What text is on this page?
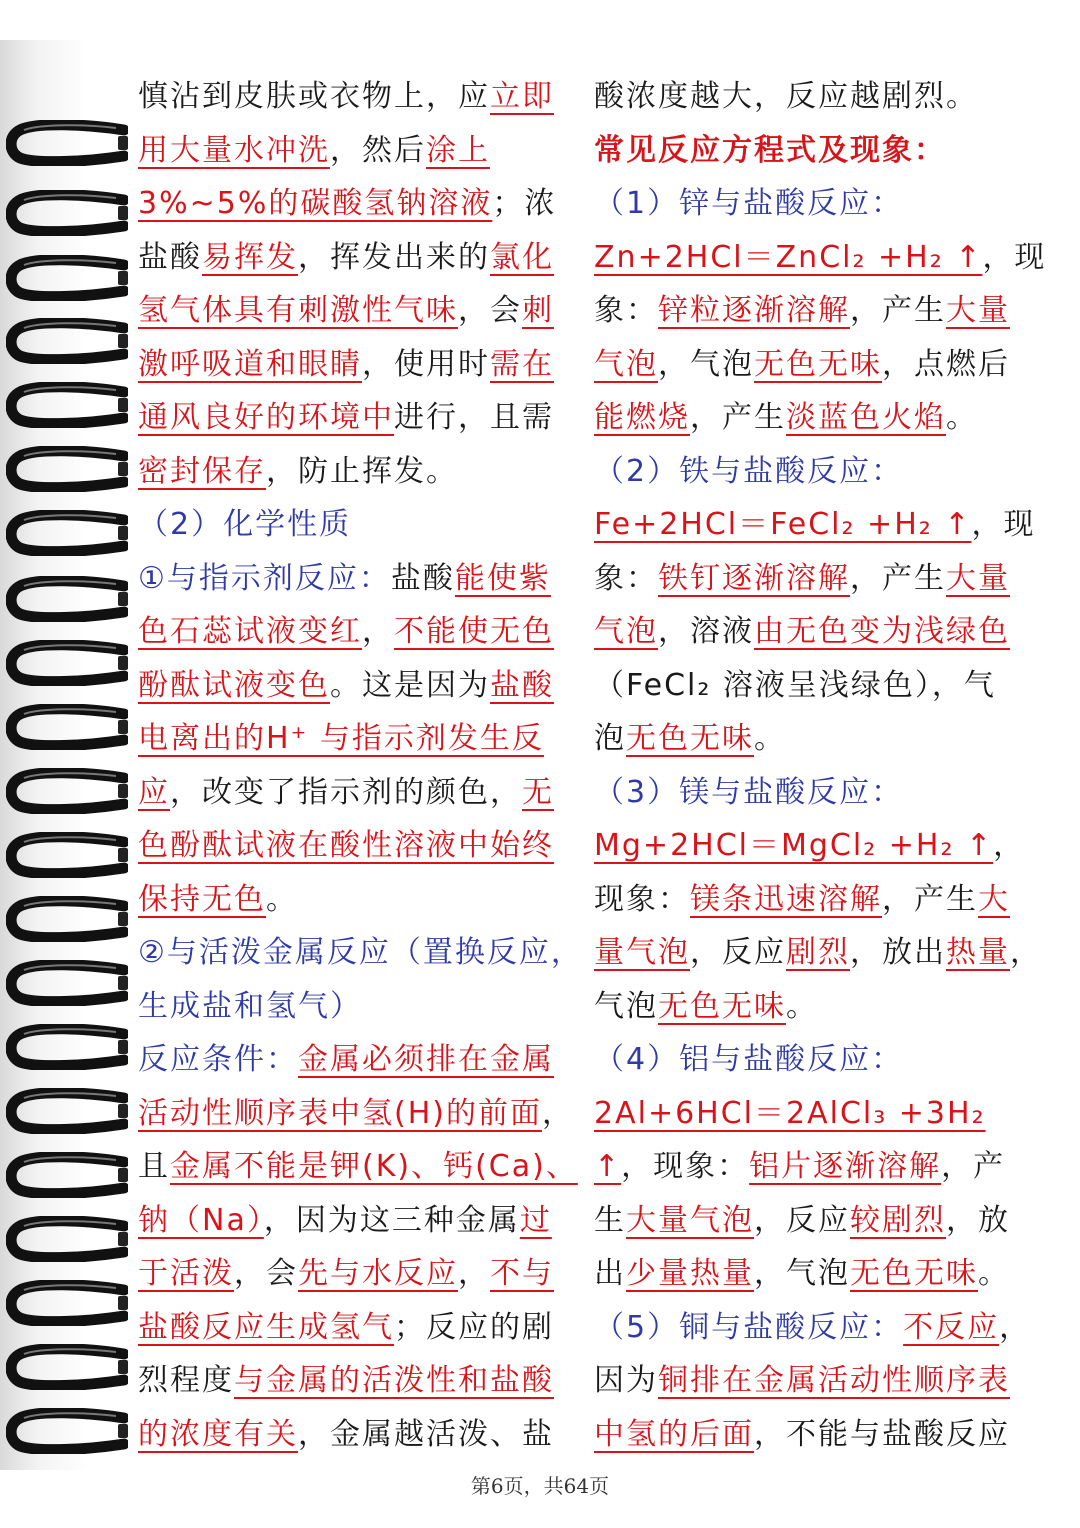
慎沾到皮肤或衣物上，应立即
用大量水冲洗，然后涂上
3%~5%的碳酸氢钠溶液；浓
盐酸易挥发，挥发出来的氯化
氢气体具有刺激性气味，会刺
激呼吸道和眼睛，使用时需在
通风良好的环境中进行，且需
密封保存，防止挥发。
（2）化学性质
①与指示剂反应：盐酸能使紫
色石蕊试液变红，不能使无色
酚酞试液变色。这是因为盐酸
电离出的H⁺ 与指示剂发生反
应，改变了指示剂的颜色，无
色酚酞试液在酸性溶液中始终
保持无色。
②与活泼金属反应（置换反应，
生成盐和氢气）
反应条件：金属必须排在金属
活动性顺序表中氢(H)的前面，
且金属不能是钾(K)、钙(Ca)、
钠（Na），因为这三种金属过
于活泼，会先与水反应，不与
盐酸反应生成氢气；反应的剧
烈程度与金属的活泼性和盐酸
的浓度有关，金属越活泼、盐
酸浓度越大，反应越剧烈。
常见反应方程式及现象：
（1）锌与盐酸反应：
Zn+2HCl＝ZnCl₂ +H₂ ↑，现
象：锌粒逐渐溶解，产生大量
气泡，气泡无色无味，点燃后
能燃烧，产生淡蓝色火焰。
（2）铁与盐酸反应：
Fe+2HCl＝FeCl₂ +H₂ ↑，现
象：铁钉逐渐溶解，产生大量
气泡，溶液由无色变为浅绿色
（FeCl₂ 溶液呈浅绿色），气
泡无色无味。
（3）镁与盐酸反应：
Mg+2HCl＝MgCl₂ +H₂ ↑，
现象：镁条迅速溶解，产生大
量气泡，反应剧烈，放出热量，
气泡无色无味。
（4）铝与盐酸反应：
2Al+6HCl＝2AlCl₃ +3H₂
↑，现象：铝片逐渐溶解，产
生大量气泡，反应较剧烈，放
出少量热量，气泡无色无味。
（5）铜与盐酸反应：不反应，
因为铜排在金属活动性顺序表
中氢的后面，不能与盐酸反应
第6页，共64页
